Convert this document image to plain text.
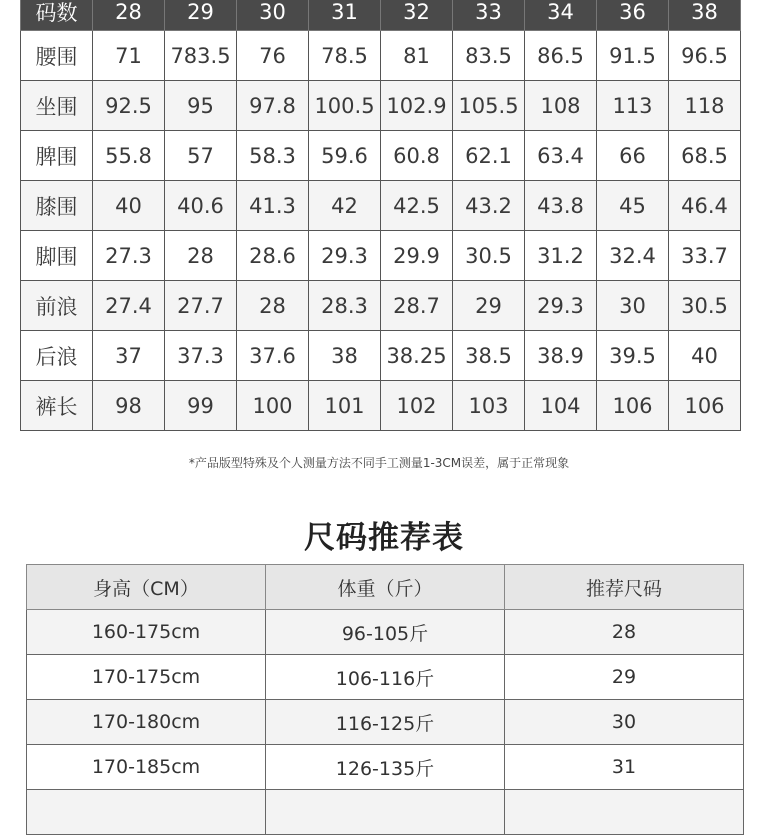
码数	28	29	30	31	32	33	34	36	38
腰围	71	783.5	76	78.5	81	83.5	86.5	91.5	96.5
坐围	92.5	95	97.8	100.5	102.9	105.5	108	113	118
脾围	55.8	57	58.3	59.6	60.8	62.1	63.4	66	68.5
膝围	40	40.6	41.3	42	42.5	43.2	43.8	45	46.4
脚围	27.3	28	28.6	29.3	29.9	30.5	31.2	32.4	33.7
前浪	27.4	27.7	28	28.3	28.7	29	29.3	30	30.5
后浪	37	37.3	37.6	38	38.25	38.5	38.9	39.5	40
裤长	98	99	100	101	102	103	104	106	106
*产品版型特殊及个人测量方法不同手工测量1-3CM误差，属于正常现象
尺码推荐表
身高（CM）	体重（斤）	推荐尺码
160-175cm	96-105斤	28
170-175cm	106-116斤	29
170-180cm	116-125斤	30
170-185cm	126-135斤	31
